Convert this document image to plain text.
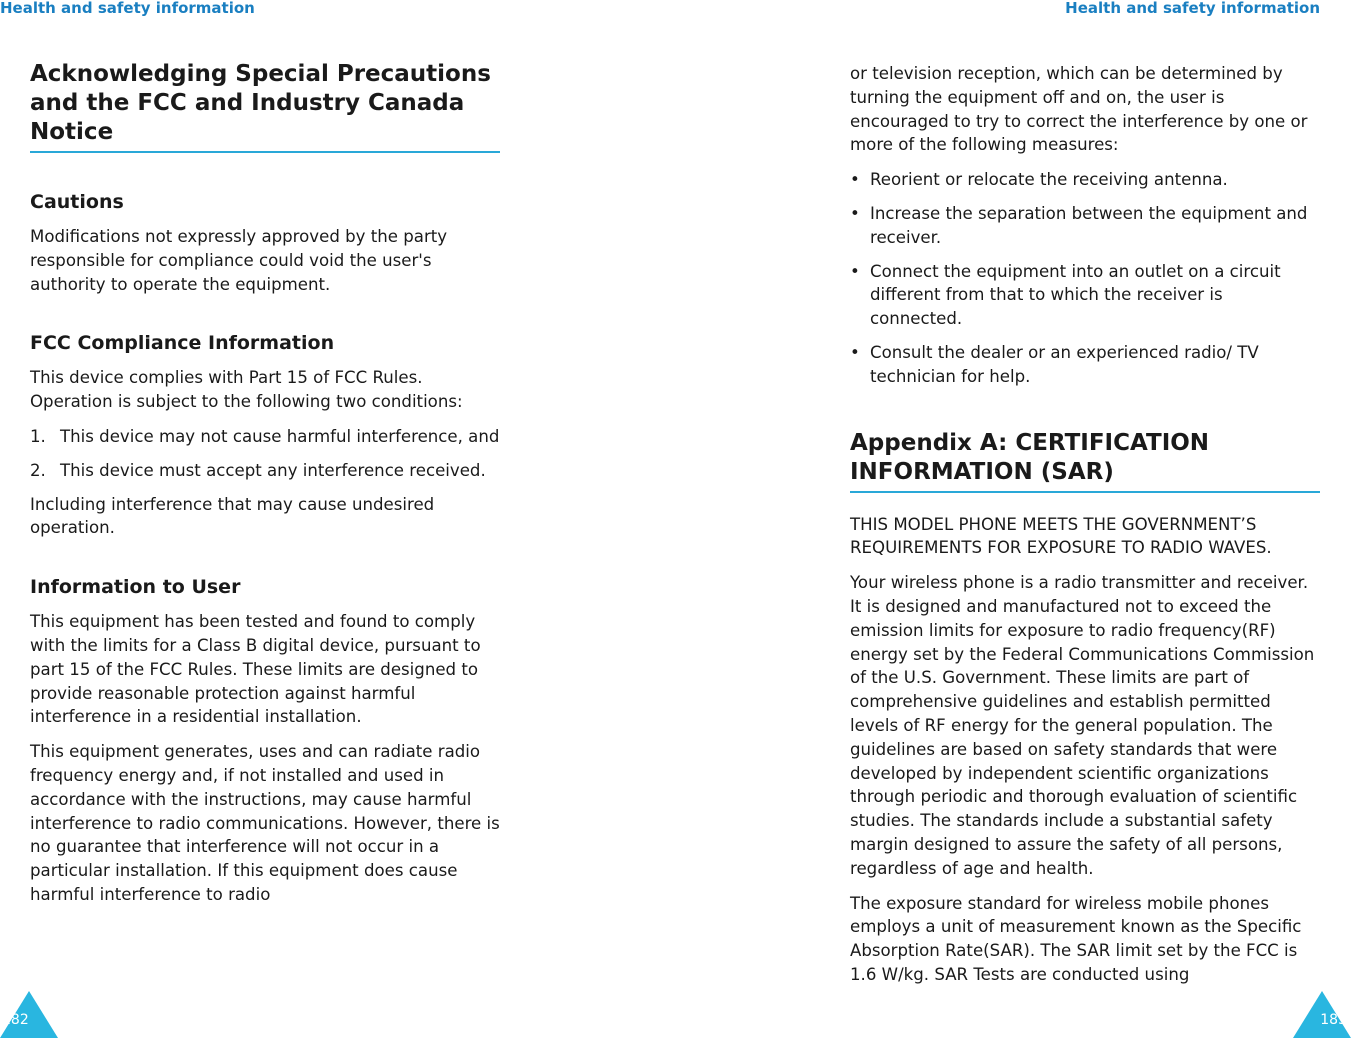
Health and safety information	Health and safety information
Acknowledging Special Precautions and the FCC and Industry Canada Notice
Cautions

Modifications not expressly approved by the party responsible for compliance could void the user's authority to operate the equipment.

FCC Compliance Information

This device complies with Part 15 of FCC Rules. Operation is subject to the following two conditions:

1. This device may not cause harmful interference, and
2. This device must accept any interference received.

Including interference that may cause undesired operation.

Information to User

This equipment has been tested and found to comply with the limits for a Class B digital device, pursuant to part 15 of the FCC Rules. These limits are designed to provide reasonable protection against harmful interference in a residential installation.

This equipment generates, uses and can radiate radio frequency energy and, if not installed and used in accordance with the instructions, may cause harmful interference to radio communications. However, there is no guarantee that interference will not occur in a particular installation. If this equipment does cause harmful interference to radio

or television reception, which can be determined by turning the equipment off and on, the user is encouraged to try to correct the interference by one or more of the following measures:

• Reorient or relocate the receiving antenna.
• Increase the separation between the equipment and receiver.
• Connect the equipment into an outlet on a circuit different from that to which the receiver is connected.
• Consult the dealer or an experienced radio/ TV technician for help.
Appendix A: CERTIFICATION INFORMATION (SAR)

THIS MODEL PHONE MEETS THE GOVERNMENT’S REQUIREMENTS FOR EXPOSURE TO RADIO WAVES.

Your wireless phone is a radio transmitter and receiver. It is designed and manufactured not to exceed the emission limits for exposure to radio frequency(RF) energy set by the Federal Communications Commission of the U.S. Government. These limits are part of comprehensive guidelines and establish permitted levels of RF energy for the general population. The guidelines are based on safety standards that were developed by independent scientific organizations through periodic and thorough evaluation of scientific studies. The standards include a substantial safety margin designed to assure the safety of all persons, regardless of age and health.

The exposure standard for wireless mobile phones employs a unit of measurement known as the Specific Absorption Rate(SAR). The SAR limit set by the FCC is 1.6 W/kg. SAR Tests are conducted using

182	183
